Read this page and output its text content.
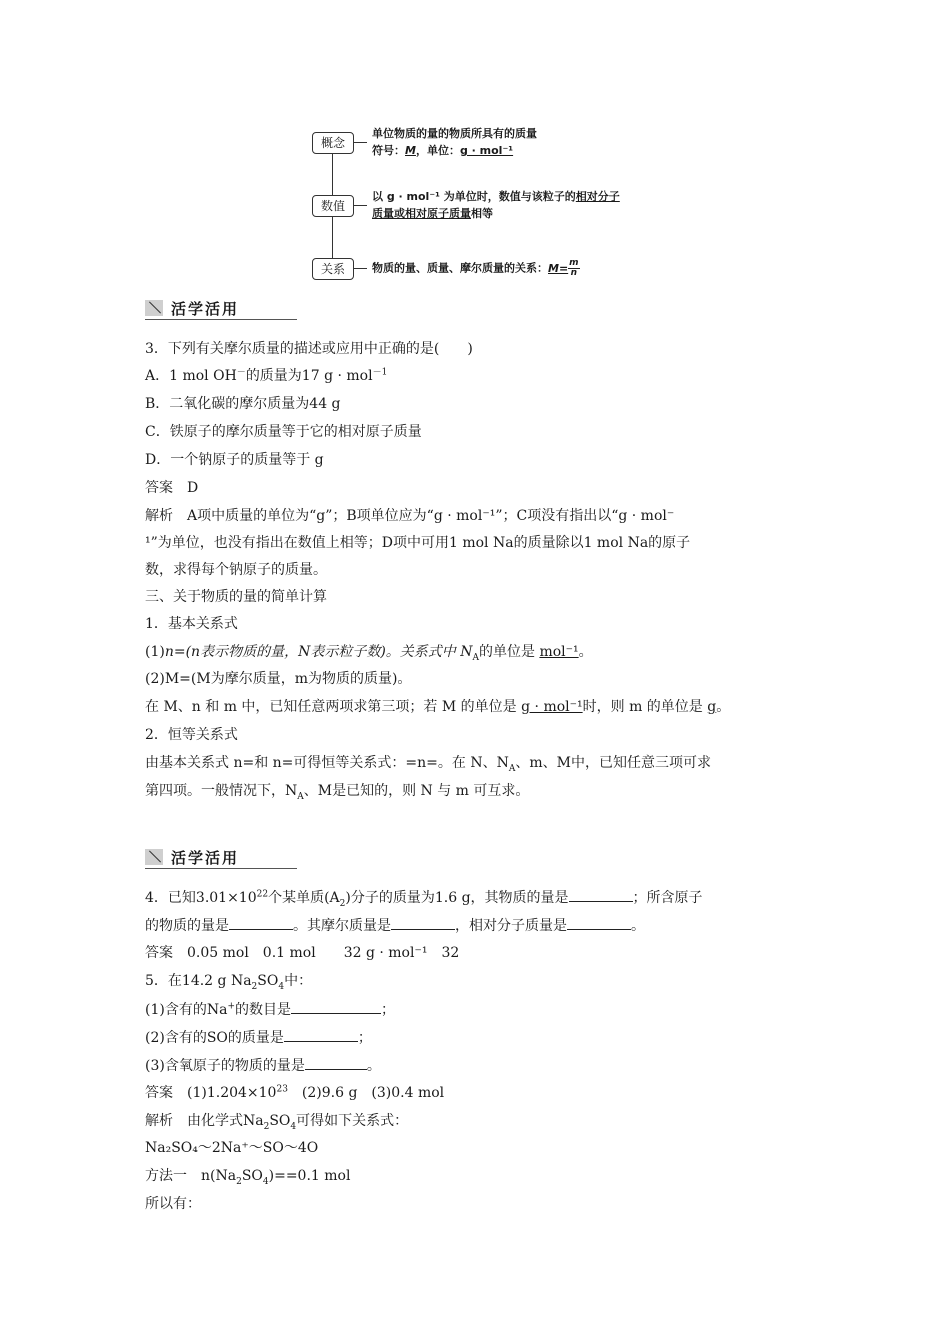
概念
单位物质的量的物质所具有的质量
符号：M，单位：g · mol⁻¹
数值
以 g · mol⁻¹ 为单位时，数值与该粒子的相对分子
质量或相对原子质量相等
关系	物质的量、质量、摩尔质量的关系：$M= \frac{m}{n}$
活学活用
3．下列有关摩尔质量的描述或应用中正确的是(　　)
A．1 mol OH－的质量为17 g · mol$^{-1}$
B．二氧化碳的摩尔质量为44 g
C．铁原子的摩尔质量等于它的相对原子质量
D．一个钠原子的质量等于 g
答案　D
解析　A项中质量的单位为“g”；B项单位应为“g · mol⁻¹”；C项没有指出以“g · mol⁻
¹”为单位，也没有指出在数值上相等；D项中可用1 mol Na的质量除以1 mol Na的原子
数，求得每个钠原子的质量。
三、关于物质的量的简单计算
1．基本关系式
(1)n=(n表示物质的量，N表示粒子数)。关系式中 $N_A$的单位是 mol⁻¹。
(2)M=(M为摩尔质量，m为物质的质量)。
在 M、n 和 m 中，已知任意两项求第三项；若 M 的单位是 g · mol⁻¹时，则 m 的单位是 g。
2．恒等关系式
由基本关系式 n=和 n=可得恒等关系式：=n=。在 N、$N_A$、m、M中，已知任意三项可求
第四项。一般情况下，$N_A$、M是已知的，则 N 与 m 可互求。
活学活用
4．已知$3.01\times 10^{22}$个某单质$(A_2)$分子的质量为1.6 g，其物质的量是	；所含原子
的物质的量是	。其摩尔质量是	，相对分子质量是	。
答案　0.05 mol　0.1 mol　　32 g · mol⁻¹　32
5．在14.2 g $Na_2SO_4$中：
(1)含有的Na+的数目是	；
(2)含有的SO的质量是	；
(3)含氧原子的物质的量是	。
答案　$(1)1.204\times 10^{23}$　(2)9.6 g　(3)0.4 mol
解析　由化学式$Na_2SO_4$可得如下关系式：
Na₂SO₄～2Na⁺～SO～4O
方法一　$n(Na_2SO_4)==0.1$ mol
所以有：
